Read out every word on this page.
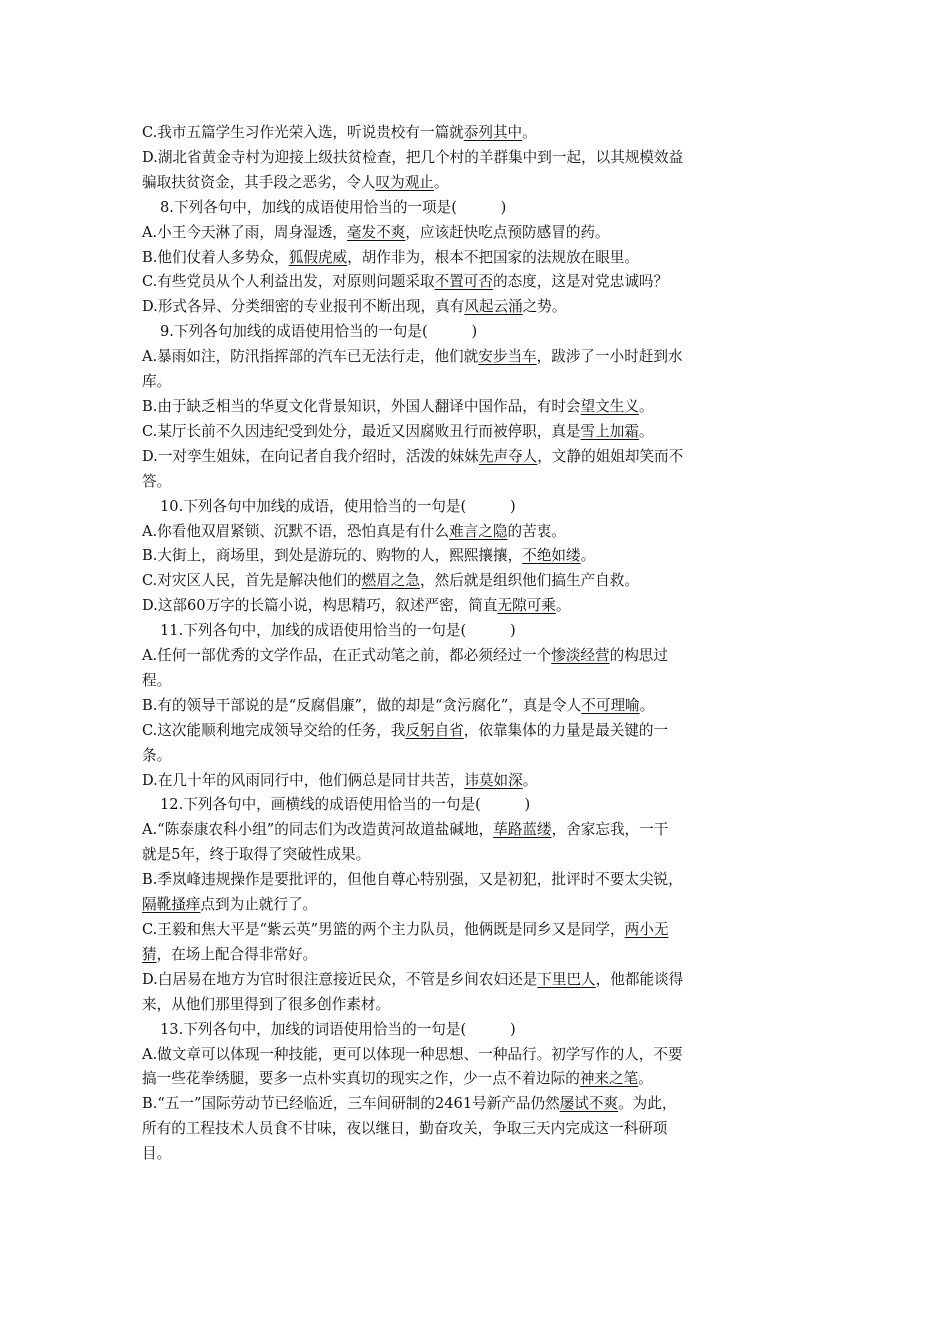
C.我市五篇学生习作光荣入选，听说贵校有一篇就忝列其中。

D.湖北省黄金寺村为迎接上级扶贫检查，把几个村的羊群集中到一起，以其规模效益

骗取扶贫资金，其手段之恶劣，令人叹为观止。

8.下列各句中，加线的成语使用恰当的一项是(　　　)

A.小王今天淋了雨，周身湿透，毫发不爽，应该赶快吃点预防感冒的药。

B.他们仗着人多势众，狐假虎威，胡作非为，根本不把国家的法规放在眼里。

C.有些党员从个人利益出发，对原则问题采取不置可否的态度，这是对党忠诚吗？

D.形式各异、分类细密的专业报刊不断出现，真有风起云涌之势。

9.下列各句加线的成语使用恰当的一句是(　　　)

A.暴雨如注，防汛指挥部的汽车已无法行走，他们就安步当车，跋涉了一小时赶到水

库。

B.由于缺乏相当的华夏文化背景知识，外国人翻译中国作品，有时会望文生义。

C.某厅长前不久因违纪受到处分，最近又因腐败丑行而被停职，真是雪上加霜。

D.一对孪生姐妹，在向记者自我介绍时，活泼的妹妹先声夺人，文静的姐姐却笑而不

答。

10.下列各句中加线的成语，使用恰当的一句是(　　　)

A.你看他双眉紧锁、沉默不语，恐怕真是有什么难言之隐的苦衷。

B.大街上，商场里，到处是游玩的、购物的人，熙熙攘攘，不绝如缕。

C.对灾区人民，首先是解决他们的燃眉之急，然后就是组织他们搞生产自救。

D.这部60万字的长篇小说，构思精巧，叙述严密，简直无隙可乘。

11.下列各句中，加线的成语使用恰当的一句是(　　　)

A.任何一部优秀的文学作品，在正式动笔之前，都必须经过一个惨淡经营的构思过

程。

B.有的领导干部说的是“反腐倡廉”，做的却是“贪污腐化”，真是令人不可理喻。

C.这次能顺利地完成领导交给的任务，我反躬自省，依靠集体的力量是最关键的一

条。

D.在几十年的风雨同行中，他们俩总是同甘共苦，讳莫如深。

12.下列各句中，画横线的成语使用恰当的一句是(　　　)

A.“陈泰康农科小组”的同志们为改造黄河故道盐碱地，荜路蓝缕，舍家忘我，一干

就是5年，终于取得了突破性成果。

B.季岚峰违规操作是要批评的，但他自尊心特别强，又是初犯，批评时不要太尖锐，

隔靴搔痒点到为止就行了。

C.王毅和焦大平是“紫云英”男篮的两个主力队员，他俩既是同乡又是同学，两小无

猜，在场上配合得非常好。

D.白居易在地方为官时很注意接近民众，不管是乡间农妇还是下里巴人，他都能谈得

来，从他们那里得到了很多创作素材。

13.下列各句中，加线的词语使用恰当的一句是(　　　)

A.做文章可以体现一种技能，更可以体现一种思想、一种品行。初学写作的人，不要

搞一些花拳绣腿，要多一点朴实真切的现实之作，少一点不着边际的神来之笔。

B.“五一”国际劳动节已经临近，三车间研制的2461号新产品仍然屡试不爽。为此，

所有的工程技术人员食不甘味，夜以继日，勤奋攻关，争取三天内完成这一科研项

目。
